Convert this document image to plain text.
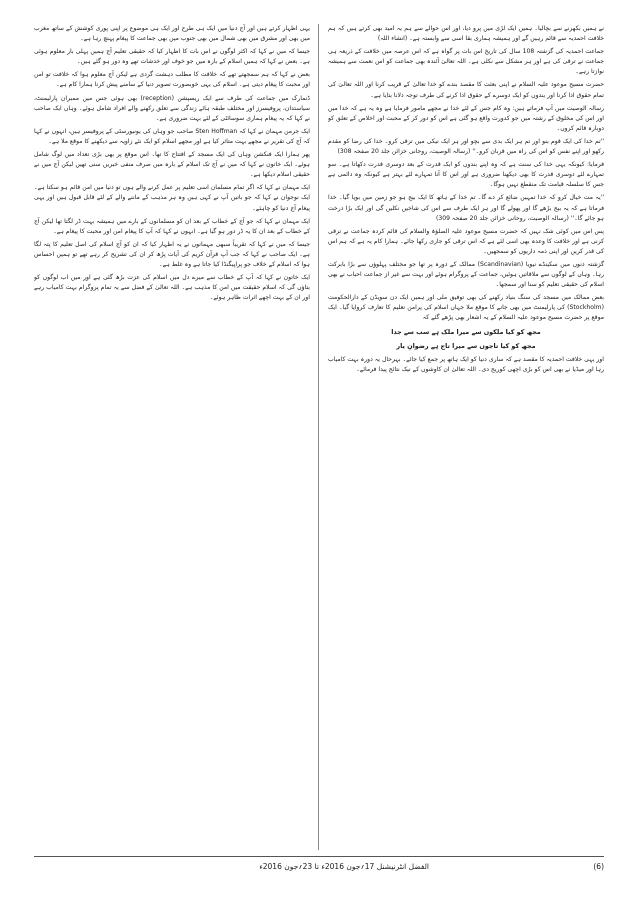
نے ہمیں بکھرنے سے بچالیا۔ ہمیں ایک لڑی میں پرو دیا، اور اس حوالے سے ہم یہ امید بھی کرتے ہیں کہ ہم خلافت احمدیہ سے قائم رہیں گے اور ہمیشہ ہماری بقا اسی سے وابستہ ہے۔ (انشاء اللہ)

جماعت احمدیہ کی گزشتہ 108 سال کی تاریخ اس بات پر گواہ ہے کہ اس عرصہ میں خلافت کے ذریعہ ہی جماعت نے ترقی کی ہے اور ہر مشکل سے نکلی ہے۔ اللہ تعالیٰ آئندہ بھی جماعت کو اس نعمت سے ہمیشہ نوازتا رہے۔

حضرت مسیح موعود علیہ السلام نے اپنی بعثت کا مقصد بندے کو خدا تعالیٰ کے قریب کرنا اور اللہ تعالیٰ کی تمام حقوق ادا کرنا اور بندوں کو ایک دوسرے کے حقوق ادا کرنے کی طرف توجہ دلانا بتایا ہے۔

رسالہ الوصیت میں آپ فرماتے ہیں: وہ کام جس کے لئے خدا نے مجھے مامور فرمایا ہے وہ یہ ہے کہ خدا میں اور اس کی مخلوق کے رشتہ میں جو کدورت واقع ہو گئی ہے اس کو دور کر کے محبت اور اخلاص کے تعلق کو دوبارہ قائم کروں۔

''تم خدا کی ایک قوم بنو اور تم ہر ایک بدی سے بچو اور ہر ایک نیکی میں ترقی کرو۔ خدا کی رضا کو مقدم رکھو اور اپنے نفس کو اس کی راہ میں قربان کرو۔'' (رسالہ الوصیت، روحانی خزائن جلد 20 صفحہ 308)

فرمایا: کیونکہ یہی خدا کی سنت ہے کہ وہ اپنے بندوں کو ایک قدرت کے بعد دوسری قدرت دکھاتا ہے۔ سو تمہارے لئے دوسری قدرت کا بھی دیکھنا ضروری ہے اور اس کا آنا تمہارے لئے بہتر ہے کیونکہ وہ دائمی ہے جس کا سلسلہ قیامت تک منقطع نہیں ہوگا۔

''یہ مت خیال کرو کہ خدا تمہیں ضائع کر دے گا۔ تم خدا کے ہاتھ کا ایک بیج ہو جو زمین میں بویا گیا۔ خدا فرماتا ہے کہ یہ بیج بڑھے گا اور پھولے گا اور ہر ایک طرف سے اس کی شاخیں نکلیں گی اور ایک بڑا درخت ہو جائے گا۔'' (رسالہ الوصیت، روحانی خزائن جلد 20 صفحہ 309)

پس اس میں کوئی شک نہیں کہ حضرت مسیح موعود علیہ الصلوٰۃ والسلام کی قائم کردہ جماعت نے ترقی کرنی ہے اور خلافت کا وعدہ بھی اسی لئے ہے کہ اس ترقی کو جاری رکھا جائے۔ ہمارا کام یہ ہے کہ ہم اس کی قدر کریں اور اپنی ذمہ داریوں کو سمجھیں۔

گزشتہ دنوں میں سکینڈے نیویا (Scandinavian) ممالک کے دورہ پر تھا جو مختلف پہلوؤں سے بڑا بابرکت رہا۔ وہاں کے لوگوں سے ملاقاتیں ہوئیں، جماعت کے پروگرام ہوئے اور بہت سے غیر از جماعت احباب نے بھی اسلام کی حقیقی تعلیم کو سنا اور سمجھا۔

بعض ممالک میں مسجد کی سنگ بنیاد رکھنے کی بھی توفیق ملی اور ہمیں ایک دن سویڈن کے دارالحکومت (Stockholm) کی پارلیمنٹ میں بھی جانے کا موقع ملا جہاں اسلام کی پرامن تعلیم کا تعارف کروایا گیا۔ ایک موقع پر حضرت مسیح موعود علیہ السلام کے یہ اشعار بھی پڑھے گئے کہ

مجھ کو کیا ملکوں سے میرا ملک ہے سب سے جدا

مجھ کو کیا تاجوں سے میرا تاج ہے رضوانِ یار

اور یہی خلافت احمدیہ کا مقصد ہے کہ ساری دنیا کو ایک ہاتھ پر جمع کیا جائے۔ بہرحال یہ دورہ بہت کامیاب رہا اور میڈیا نے بھی اس کو بڑی اچھی کوریج دی۔ اللہ تعالیٰ ان کاوشوں کے نیک نتائج پیدا فرمائے۔

یہی اظہار کرتے ہیں اور آج دنیا میں ایک ہی طرح اور ایک ہی موضوع پر اپنی پوری کوشش کے ساتھ مغرب میں بھی اور مشرق میں بھی شمال میں بھی جنوب میں بھی جماعت کا پیغام پہنچ رہا ہے۔

جیسا کہ میں نے کہا کہ اکثر لوگوں نے اس بات کا اظہار کیا کہ حقیقی تعلیم آج ہمیں پہلی بار معلوم ہوئی ہے۔ بعض نے کہا کہ ہمیں اسلام کے بارہ میں جو خوف اور خدشات تھے وہ دور ہو گئے ہیں۔

بعض نے کہا کہ ہم سمجھتے تھے کہ خلافت کا مطلب دہشت گردی ہے لیکن آج معلوم ہوا کہ خلافت تو امن اور محبت کا پیغام دیتی ہے۔ اسلام کی یہی خوبصورت تصویر دنیا کے سامنے پیش کرنا ہمارا کام ہے۔

ڈنمارک میں جماعت کی طرف سے ایک ریسپشن (reception) بھی ہوئی جس میں ممبران پارلیمنٹ، سیاستدان، پروفیسرز اور مختلف طبقہ ہائے زندگی سے تعلق رکھنے والے افراد شامل ہوئے۔ وہاں ایک صاحب نے کہا کہ یہ پیغام ہماری سوسائٹی کے لئے بہت ضروری ہے۔

ایک جرمن مہمان نے کہا کہ Sten Hoffman صاحب جو وہاں کی یونیورسٹی کے پروفیسر ہیں، انہوں نے کہا کہ آج کی تقریر نے مجھے بہت متاثر کیا ہے اور مجھے اسلام کو ایک نئے زاویہ سے دیکھنے کا موقع ملا ہے۔

پھر ہمارا ایک فنکشن وہاں کی ایک مسجد کے افتتاح کا تھا۔ اس موقع پر بھی بڑی تعداد میں لوگ شامل ہوئے۔ ایک خاتون نے کہا کہ میں نے آج تک اسلام کے بارہ میں صرف منفی خبریں سنی تھیں لیکن آج میں نے حقیقی اسلام دیکھا ہے۔

ایک مہمان نے کہا کہ اگر تمام مسلمان اسی تعلیم پر عمل کرنے والے ہوں تو دنیا میں امن قائم ہو سکتا ہے۔ ایک نوجوان نے کہا کہ جو باتیں آپ نے کہی ہیں وہ ہر مذہب کے ماننے والے کے لئے قابل قبول ہیں اور یہی پیغام آج دنیا کو چاہئے۔

ایک مہمان نے کہا کہ جو آج کے خطاب کے بعد ان کو مسلمانوں کے بارے میں ہمیشہ بہت ڈر لگتا تھا لیکن آج کے خطاب کے بعد ان کا یہ ڈر دور ہو گیا ہے۔ انہوں نے کہا کہ آپ کا پیغام امن اور محبت کا پیغام ہے۔

جیسا کہ میں نے کہا کہ تقریباً سبھی مہمانوں نے یہ اظہار کیا کہ ان کو آج اسلام کی اصل تعلیم کا پتہ لگا ہے۔ ایک صاحب نے کہا کہ جب آپ قرآن کریم کی آیات پڑھ کر ان کی تشریح کر رہے تھے تو ہمیں احساس ہوا کہ اسلام کے خلاف جو پراپیگنڈا کیا جاتا ہے وہ غلط ہے۔

ایک خاتون نے کہا کہ آپ کے خطاب سے میرے دل میں اسلام کی عزت بڑھ گئی ہے اور میں اب لوگوں کو بتاؤں گی کہ اسلام حقیقت میں امن کا مذہب ہے۔ اللہ تعالیٰ کے فضل سے یہ تمام پروگرام بہت کامیاب رہے اور ان کے بہت اچھے اثرات ظاہر ہوئے۔

الفضل انٹرنیشنل 17؍جون 2016ء تا 23؍جون 2016ء	(6)
